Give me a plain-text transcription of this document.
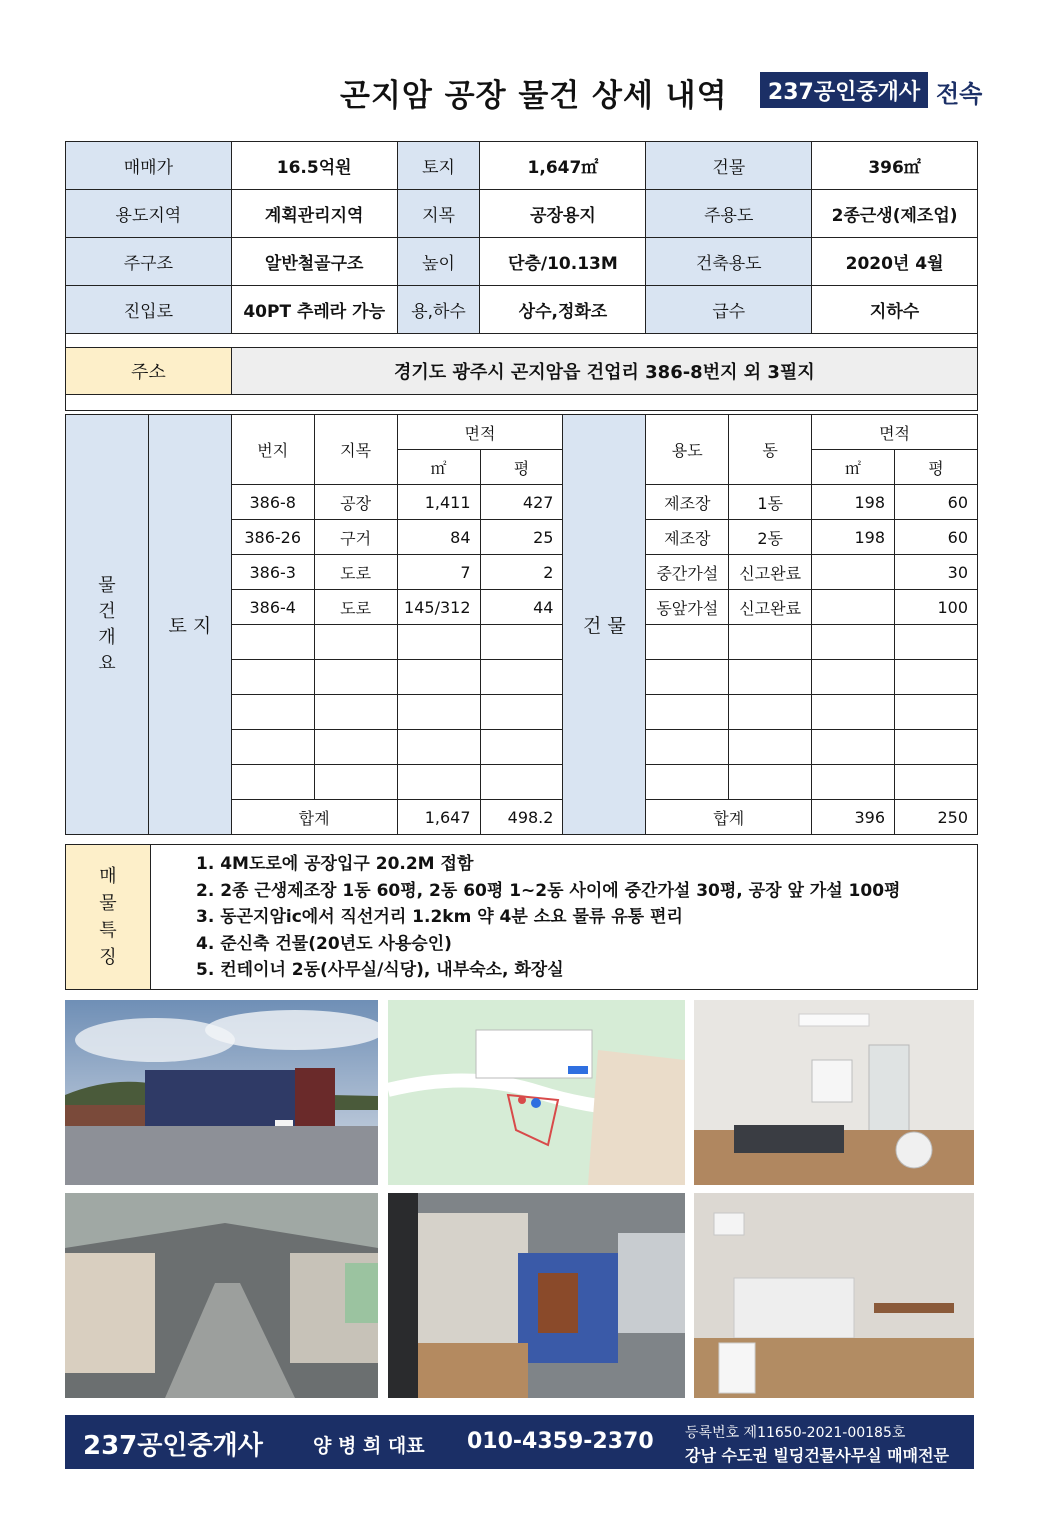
곤지암 공장 물건 상세 내역	237공인중개사 전속
매매가	16.5억원	토지	1,647㎡	건물	396㎡
용도지역	계획관리지역	지목	공장용지	주용도	2종근생(제조업)
주구조	알반철골구조	높이	단층/10.13M	건축용도	2020년 4월
진입로	40PT 추레라 가능	용,하수	상수,정화조	급수	지하수

주소	경기도 광주시 곤지암읍 건업리 386-8번지 외 3필지				

물
건
개
요	토 지	번지	지목	면적		건 물	용도	동	면적	
				㎡	평				㎡	평
		386-8	공장	1,411	427		제조장	1동	198	60
		386-26	구거	84	25		제조장	2동	198	60
		386-3	도로	7	2		중간가설	신고완료		30
		386-4	도로	145/312	44		동앞가설	신고완료		100

		합계		1,647	498.2		합계		396	250
매
물
특
징
1. 4M도로에 공장입구 20.2M 접함
2. 2종 근생제조장 1동 60평, 2동 60평 1~2동 사이에 중간가설 30평, 공장 앞 가설 100평
3. 동곤지암ic에서 직선거리 1.2km 약 4분 소요 물류 유통 편리
4. 준신축 건물(20년도 사용승인)
5. 컨테이너 2동(사무실/식당), 내부숙소, 화장실
237공인중개사	양 병 희 대표 010-4359-2370 등록번호 제11650-2021-00185호
강남 수도권 빌딩건물사무실 매매전문
